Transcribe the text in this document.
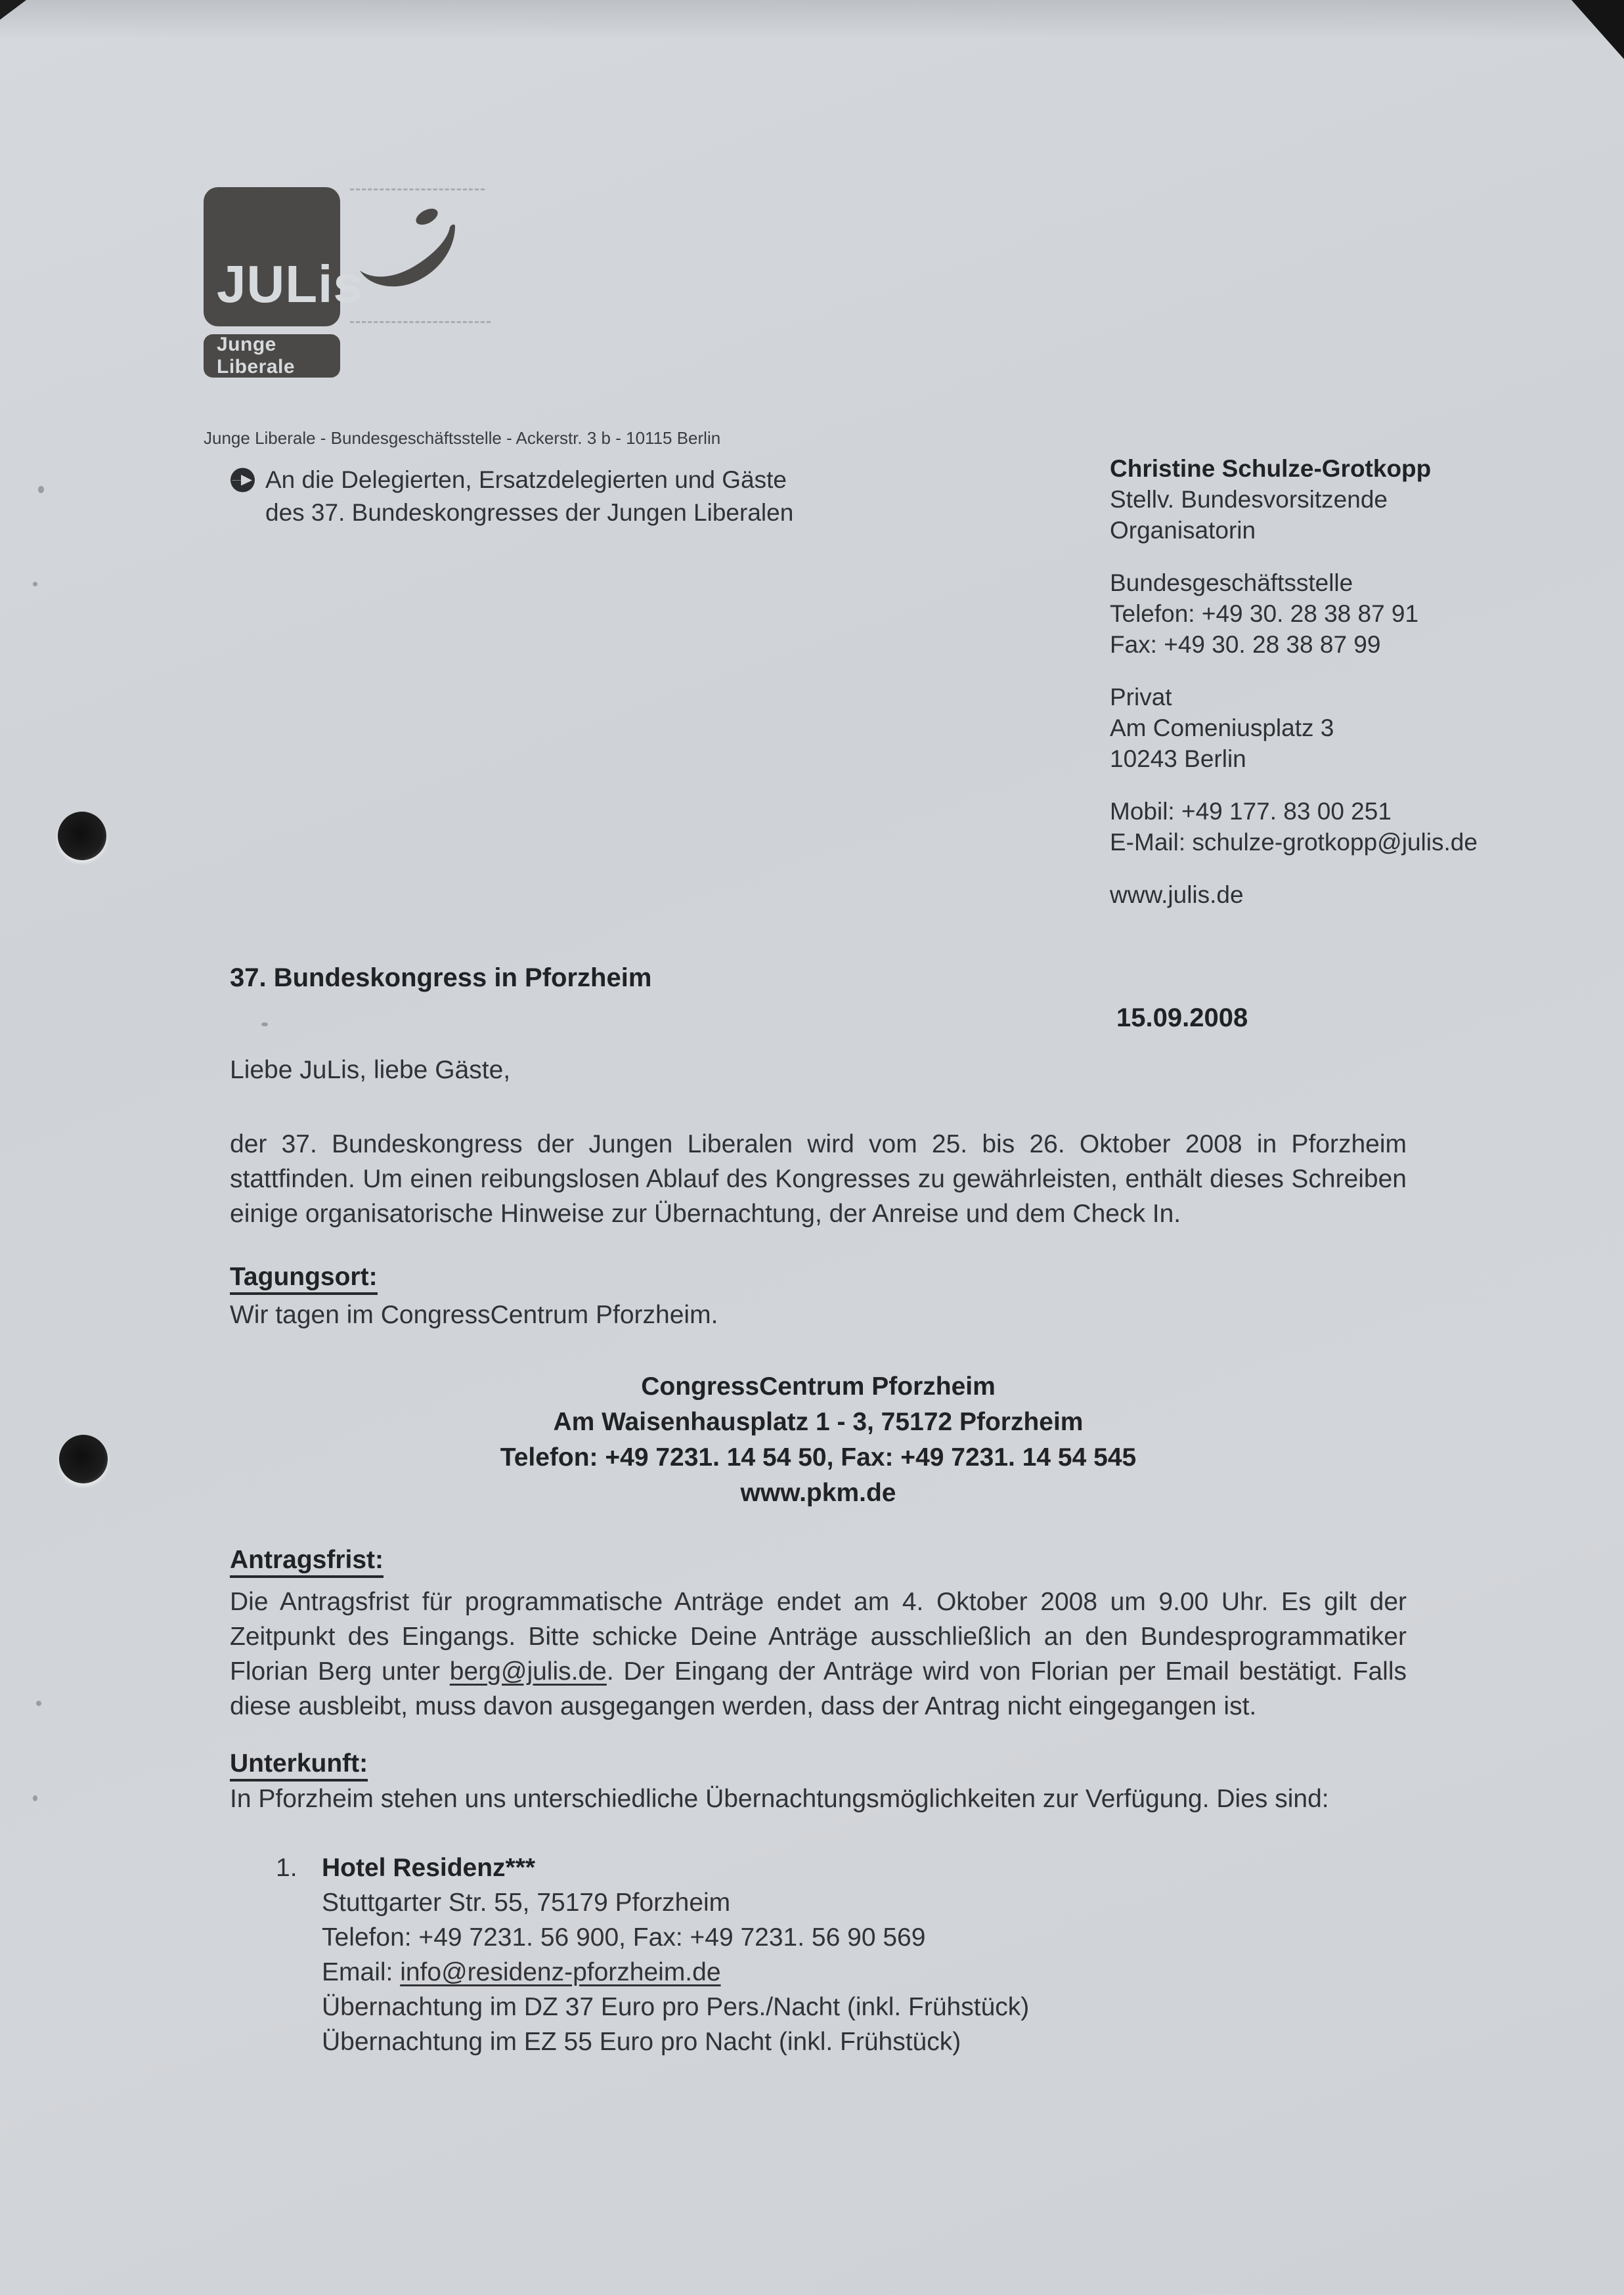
JULis
Junge Liberale
Junge Liberale - Bundesgeschäftsstelle - Ackerstr. 3 b - 10115 Berlin
An die Delegierten, Ersatzdelegierten und Gäste
des 37. Bundeskongresses der Jungen Liberalen
Christine Schulze-Grotkopp
Stellv. Bundesvorsitzende
Organisatorin
Bundesgeschäftsstelle
Telefon: +49 30. 28 38 87 91
Fax: +49 30. 28 38 87 99
Privat
Am Comeniusplatz 3
10243 Berlin
Mobil: +49 177. 83 00 251
E-Mail: schulze-grotkopp@julis.de
www.julis.de
37. Bundeskongress in Pforzheim
15.09.2008
Liebe JuLis, liebe Gäste,

der 37. Bundeskongress der Jungen Liberalen wird vom 25. bis 26. Oktober 2008 in Pforzheim stattfinden. Um einen reibungslosen Ablauf des Kongresses zu gewährleisten, enthält dieses Schreiben einige organisatorische Hinweise zur Übernachtung, der Anreise und dem Check In.

Tagungsort:
Wir tagen im CongressCentrum Pforzheim.
CongressCentrum Pforzheim
Am Waisenhausplatz 1 - 3, 75172 Pforzheim
Telefon: +49 7231. 14 54 50, Fax: +49 7231. 14 54 545
www.pkm.de
Antragsfrist:

Die Antragsfrist für programmatische Anträge endet am 4. Oktober 2008 um 9.00 Uhr. Es gilt der Zeitpunkt des Eingangs. Bitte schicke Deine Anträge ausschließlich an den Bundesprogrammatiker Florian Berg unter berg@julis.de. Der Eingang der Anträge wird von Florian per Email bestätigt. Falls diese ausbleibt, muss davon ausgegangen werden, dass der Antrag nicht eingegangen ist.

Unterkunft:
In Pforzheim stehen uns unterschiedliche Übernachtungsmöglichkeiten zur Verfügung. Dies sind:
1. Hotel Residenz***
Stuttgarter Str. 55, 75179 Pforzheim
Telefon: +49 7231. 56 900, Fax: +49 7231. 56 90 569
Email: info@residenz-pforzheim.de
Übernachtung im DZ 37 Euro pro Pers./Nacht (inkl. Frühstück)
Übernachtung im EZ 55 Euro pro Nacht (inkl. Frühstück)
